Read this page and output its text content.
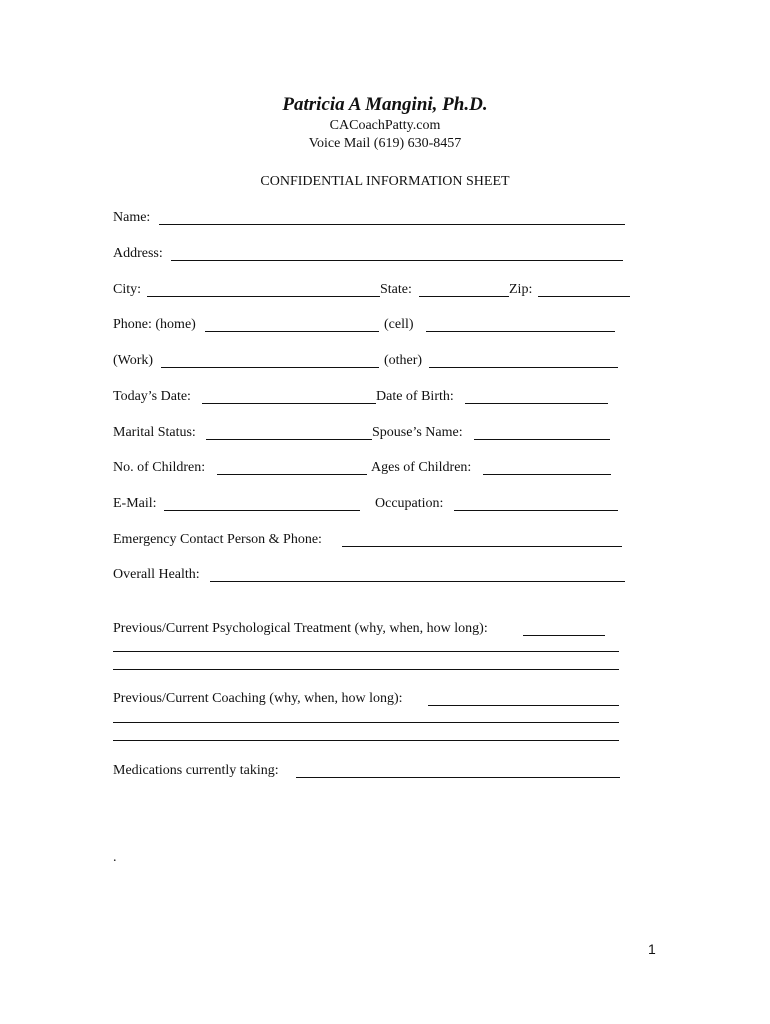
Patricia A Mangini, Ph.D.
CACoachPatty.com
Voice Mail (619) 630-8457
CONFIDENTIAL INFORMATION SHEET
Name:
Address:
City:	State:	Zip:
Phone: (home)	(cell)
(Work)	(other)
Today’s Date:	Date of Birth:
Marital Status:	Spouse’s Name:
No. of Children:	Ages of Children:
E-Mail:	Occupation:
Emergency Contact Person & Phone:
Overall Health:
Previous/Current Psychological Treatment (why, when, how long):
Previous/Current Coaching (why, when, how long):
Medications currently taking:
.
1
